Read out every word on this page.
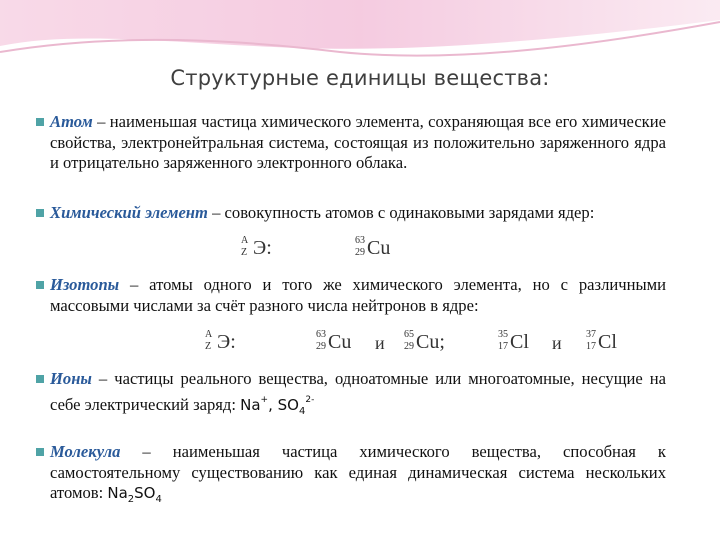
Структурные единицы вещества:
Атом – наименьшая частица химического элемента, сохраняющая все его химические свойства, электронейтральная система, состоящая из положительно заряженного ядра и отрицательно заряженного электронного облака.
Химический элемент – совокупность атомов с одинаковыми зарядами ядер:
A
Z Э:	63
29 Cu
Изотопы – атомы одного и того же химического элемента, но с различными массовыми числами за счёт разного числа нейтронов в ядре:
A
Z Э:	63
29 Cu и 65
29 Cu;	35
17 Cl и 37
17 Cl
Ионы – частицы реального вещества, одноатомные или многоатомные, несущие на себе электрический заряд: Na+, $SO_4^{2-}$
Молекула – наименьшая частица химического вещества, способная к самостоятельному существованию как единая динамическая система нескольких атомов: $Na_2SO_4$
